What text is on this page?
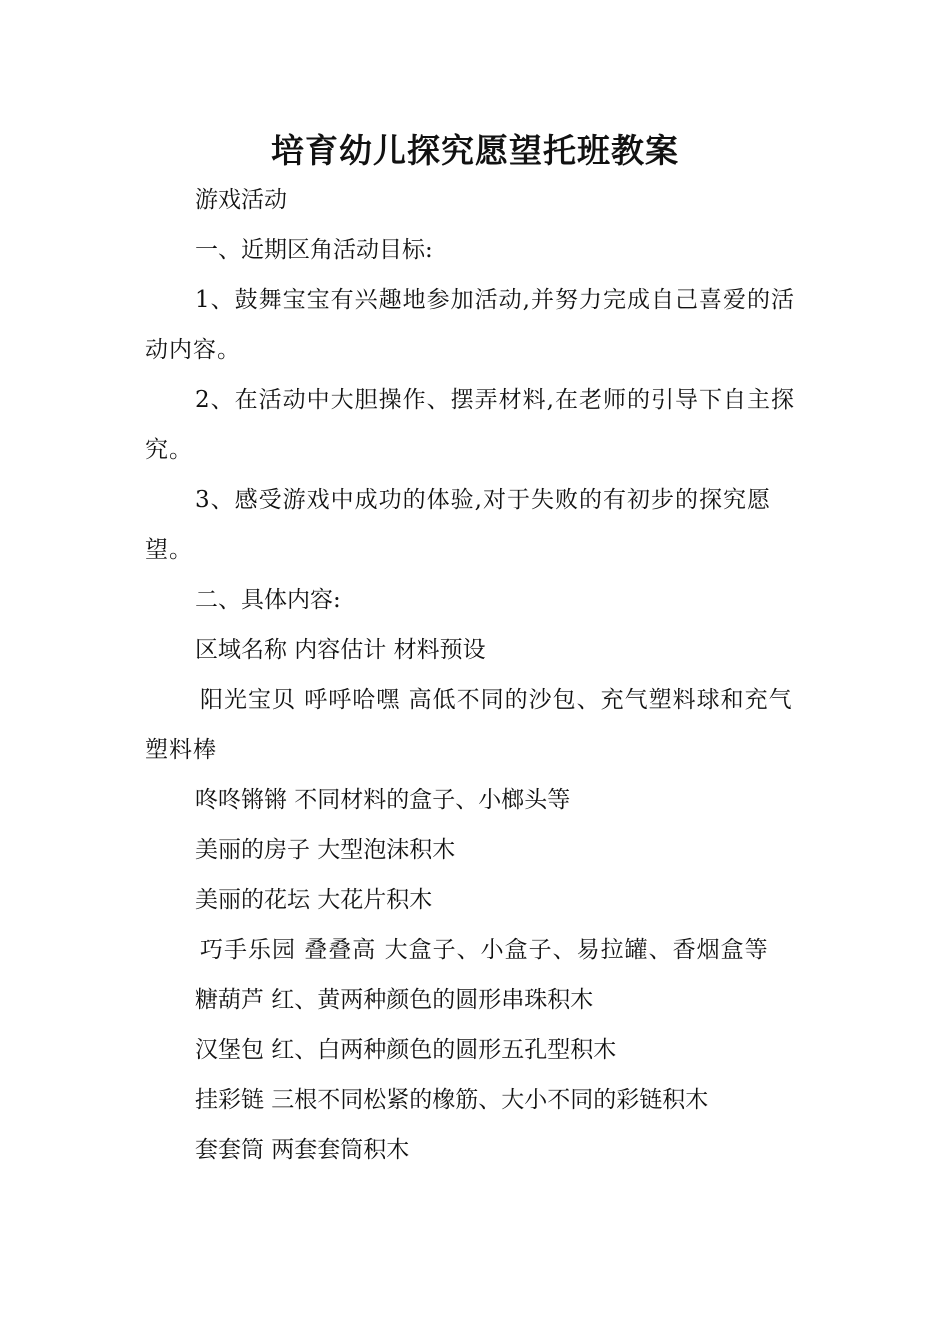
培育幼儿探究愿望托班教案

游戏活动

一、近期区角活动目标:

1、鼓舞宝宝有兴趣地参加活动,并努力完成自己喜爱的活动内容。

2、在活动中大胆操作、摆弄材料,在老师的引导下自主探究。

3、感受游戏中成功的体验,对于失败的有初步的探究愿望。

二、具体内容:

区域名称 内容估计 材料预设

阳光宝贝 呼呼哈嘿 高低不同的沙包、充气塑料球和充气塑料棒

咚咚锵锵 不同材料的盒子、小榔头等

美丽的房子 大型泡沫积木

美丽的花坛 大花片积木

巧手乐园 叠叠高 大盒子、小盒子、易拉罐、香烟盒等

糖葫芦 红、黄两种颜色的圆形串珠积木

汉堡包 红、白两种颜色的圆形五孔型积木

挂彩链 三根不同松紧的橡筋、大小不同的彩链积木

套套筒 两套套筒积木
